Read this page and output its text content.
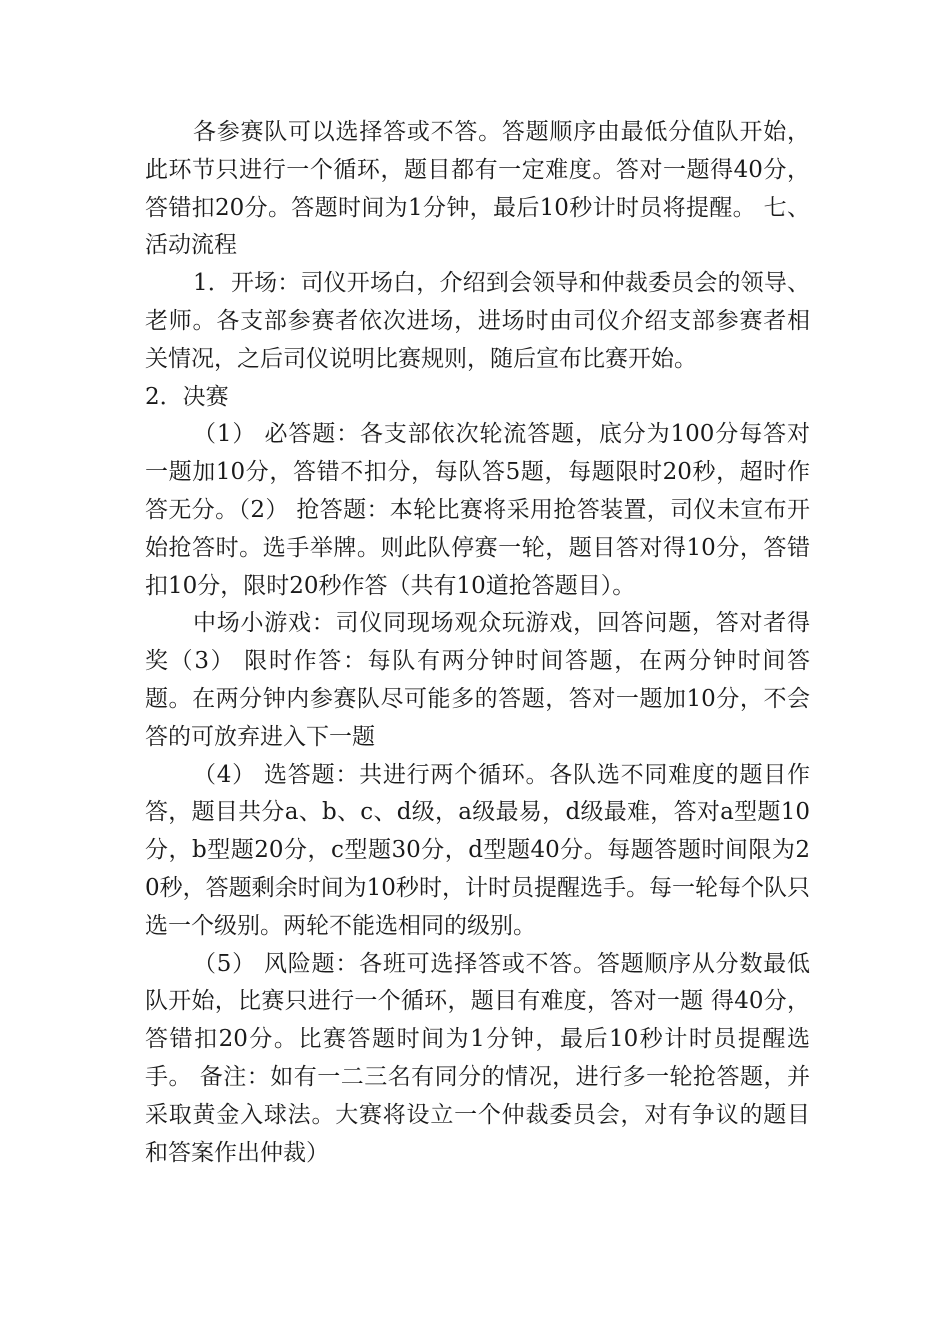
各参赛队可以选择答或不答。答题顺序由最低分值队开始，此环节只进行一个循环，题目都有一定难度。答对一题得40分，答错扣20分。答题时间为1分钟，最后10秒计时员将提醒。 七、活动流程

1．开场：司仪开场白，介绍到会领导和仲裁委员会的领导、老师。各支部参赛者依次进场，进场时由司仪介绍支部参赛者相关情况，之后司仪说明比赛规则，随后宣布比赛开始。

2．决赛

（1） 必答题：各支部依次轮流答题，底分为100分每答对一题加10分，答错不扣分，每队答5题，每题限时20秒，超时作答无分。（2） 抢答题：本轮比赛将采用抢答装置，司仪未宣布开始抢答时。选手举牌。则此队停赛一轮，题目答对得10分，答错扣10分，限时20秒作答（共有10道抢答题目）。

中场小游戏：司仪同现场观众玩游戏，回答问题，答对者得奖（3） 限时作答：每队有两分钟时间答题，在两分钟时间答题。在两分钟内参赛队尽可能多的答题，答对一题加10分，不会答的可放弃进入下一题

（4） 选答题：共进行两个循环。各队选不同难度的题目作答，题目共分a、b、c、d级，a级最易，d级最难，答对a型题10分，b型题20分，c型题30分，d型题40分。每题答题时间限为20秒，答题剩余时间为10秒时，计时员提醒选手。每一轮每个队只选一个级别。两轮不能选相同的级别。

（5） 风险题：各班可选择答或不答。答题顺序从分数最低队开始，比赛只进行一个循环，题目有难度，答对一题 得40分，答错扣20分。比赛答题时间为1分钟，最后10秒计时员提醒选手。 备注：如有一二三名有同分的情况，进行多一轮抢答题，并采取黄金入球法。大赛将设立一个仲裁委员会，对有争议的题目和答案作出仲裁）
